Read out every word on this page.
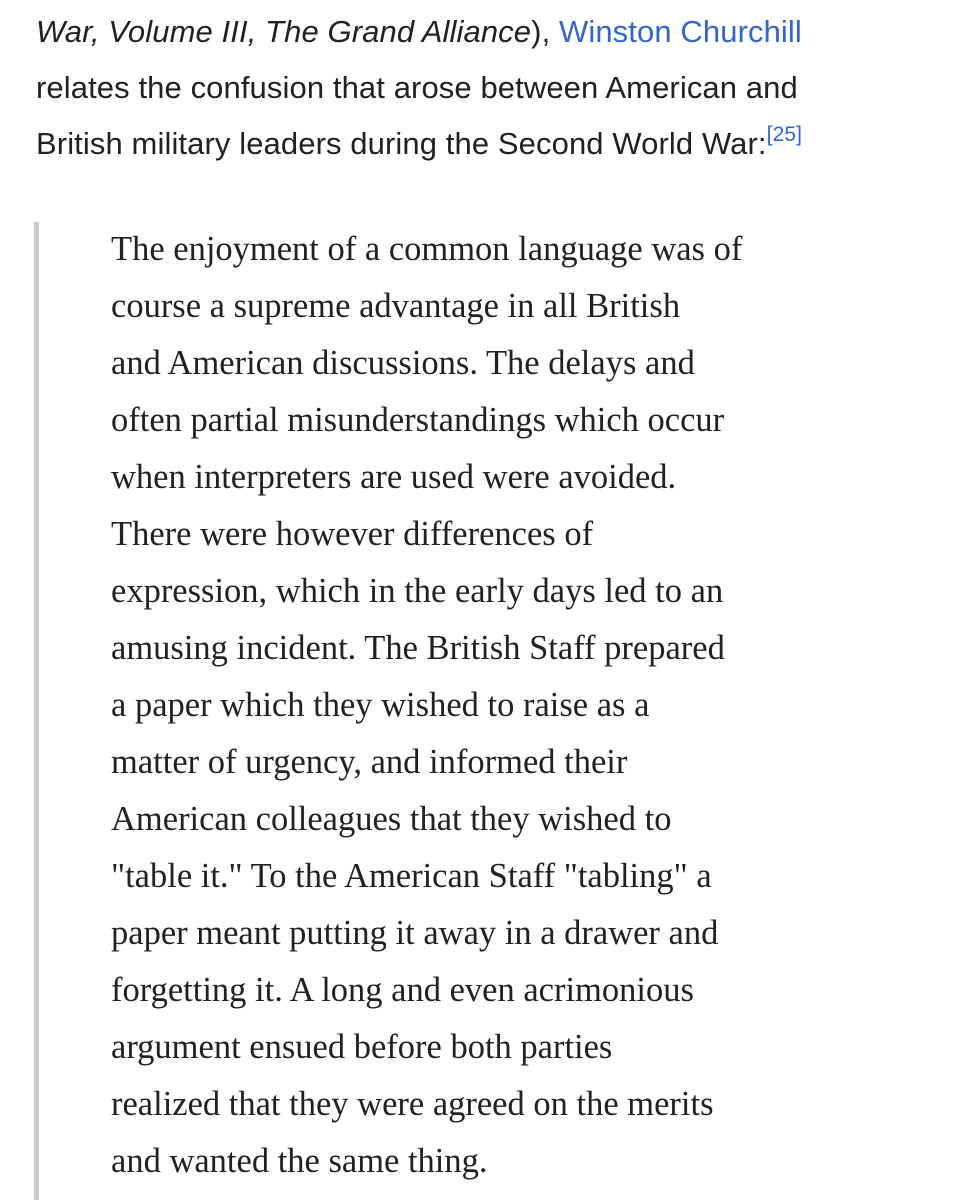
War, Volume III, The Grand Alliance), Winston Churchill
relates the confusion that arose between American and
British military leaders during the Second World War:[25]
The enjoyment of a common language was of
course a supreme advantage in all British
and American discussions. The delays and
often partial misunderstandings which occur
when interpreters are used were avoided.
There were however differences of
expression, which in the early days led to an
amusing incident. The British Staff prepared
a paper which they wished to raise as a
matter of urgency, and informed their
American colleagues that they wished to
"table it." To the American Staff "tabling" a
paper meant putting it away in a drawer and
forgetting it. A long and even acrimonious
argument ensued before both parties
realized that they were agreed on the merits
and wanted the same thing.
